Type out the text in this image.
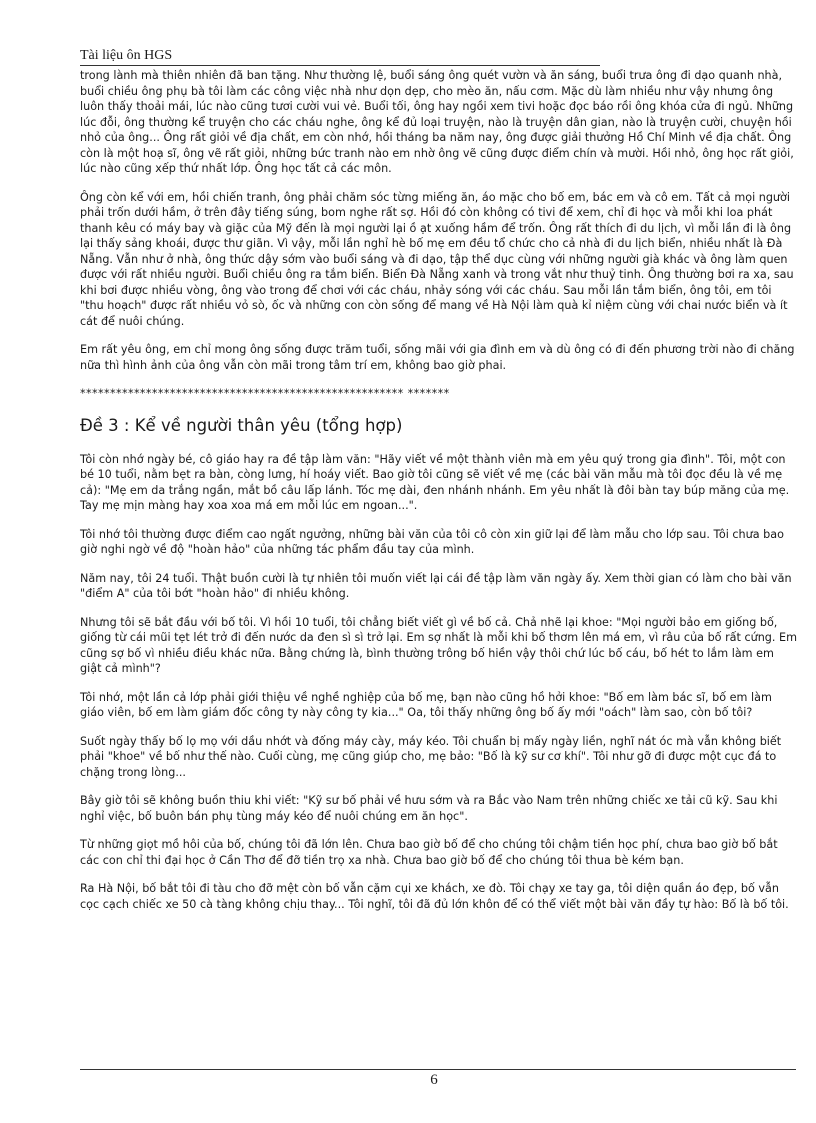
Tài liệu ôn HGS

trong lành mà thiên nhiên đã ban tặng. Như thường lệ, buổi sáng ông quét vườn và ăn sáng, buổi trưa ông đi dạo quanh nhà, buổi chiều ông phụ bà tôi làm các công việc nhà như dọn dẹp, cho mèo ăn, nấu cơm. Mặc dù làm nhiều như vậy nhưng ông luôn thấy thoải mái, lúc nào cũng tươi cười vui vẻ. Buổi tối, ông hay ngồi xem tivi hoặc đọc báo rồi ông khóa cửa đi ngủ. Những lúc đỗi, ông thường kể truyện cho các cháu nghe, ông kể đủ loại truyện, nào là truyện dân gian, nào là truyện cười, chuyện hồi nhỏ của ông... Ông rất giỏi về địa chất, em còn nhớ, hồi tháng ba năm nay, ông được giải thưởng Hồ Chí Minh về địa chất. Ông còn là một hoạ sĩ, ông vẽ rất giỏi, những bức tranh nào em nhờ ông vẽ cũng được điểm chín và mười. Hồi nhỏ, ông học rất giỏi, lúc nào cũng xếp thứ nhất lớp. Ông học tất cả các môn.

Ông còn kể với em, hồi chiến tranh, ông phải chăm sóc từng miếng ăn, áo mặc cho bố em, bác em và cô em. Tất cả mọi người phải trốn dưới hầm, ở trên đây tiếng súng, bom nghe rất sợ. Hồi đó còn không có tivi để xem, chỉ đi học và mỗi khi loa phát thanh kêu có máy bay và giặc của Mỹ đến là mọi người lại ồ ạt xuống hầm để trốn. Ông rất thích đi du lịch, vì mỗi lần đi là ông lại thấy sảng khoái, được thư giãn. Vì vậy, mỗi lần nghỉ hè bố mẹ em đều tổ chức cho cả nhà đi du lịch biển, nhiều nhất là Đà Nẵng. Vẫn như ở nhà, ông thức dậy sớm vào buổi sáng và đi dạo, tập thể dục cùng với những người già khác và ông làm quen được với rất nhiều người. Buổi chiều ông ra tắm biển. Biển Đà Nẵng xanh và trong vắt như thuỷ tinh. Ông thường bơi ra xa, sau khi bơi được nhiều vòng, ông vào trong để chơi với các cháu, nhảy sóng với các cháu. Sau mỗi lần tắm biển, ông tôi, em tôi "thu hoạch" được rất nhiều vỏ sò, ốc và những con còn sống để mang về Hà Nội làm quà kỉ niệm cùng với chai nước biển và ít cát để nuôi chúng.

Em rất yêu ông, em chỉ mong ông sống được trăm tuổi, sống mãi với gia đình em và dù ông có đi đến phương trời nào đi chăng nữa thì hình ảnh của ông vẫn còn mãi trong tâm trí em, không bao giờ phai.

****************************************************** *******

Đề 3 : Kể về người thân yêu (tổng hợp)

Tôi còn nhớ ngày bé, cô giáo hay ra đề tập làm văn: "Hãy viết về một thành viên mà em yêu quý trong gia đình". Tôi, một con bé 10 tuổi, nằm bẹt ra bàn, còng lưng, hí hoáy viết. Bao giờ tôi cũng sẽ viết về mẹ (các bài văn mẫu mà tôi đọc đều là về mẹ cả): "Mẹ em da trắng ngần, mắt bồ câu lấp lánh. Tóc mẹ dài, đen nhánh nhánh. Em yêu nhất là đôi bàn tay búp măng của mẹ. Tay mẹ mịn màng hay xoa xoa má em mỗi lúc em ngoan...".

Tôi nhớ tôi thường được điểm cao ngất ngưởng, những bài văn của tôi cô còn xin giữ lại để làm mẫu cho lớp sau. Tôi chưa bao giờ nghi ngờ về độ "hoàn hảo" của những tác phẩm đầu tay của mình.

Năm nay, tôi 24 tuổi. Thật buồn cười là tự nhiên tôi muốn viết lại cái đề tập làm văn ngày ấy. Xem thời gian có làm cho bài văn "điểm A" của tôi bớt "hoàn hảo" đi nhiều không.

Nhưng tôi sẽ bắt đầu với bố tôi. Vì hồi 10 tuổi, tôi chẳng biết viết gì về bố cả. Chả nhẽ lại khoe: "Mọi người bảo em giống bố, giống từ cái mũi tẹt lét trở đi đến nước da đen sì sì trở lại. Em sợ nhất là mỗi khi bố thơm lên má em, vì râu của bố rất cứng. Em cũng sợ bố vì nhiều điều khác nữa. Bằng chứng là, bình thường trông bố hiền vậy thôi chứ lúc bố cáu, bố hét to lắm làm em giật cả mình"?

Tôi nhớ, một lần cả lớp phải giới thiệu về nghề nghiệp của bố mẹ, bạn nào cũng hồ hởi khoe: "Bố em làm bác sĩ, bố em làm giáo viên, bố em làm giám đốc công ty này công ty kia..." Oa, tôi thấy những ông bố ấy mới "oách" làm sao, còn bố tôi?

Suốt ngày thấy bố lọ mọ với dầu nhớt và đống máy cày, máy kéo. Tôi chuẩn bị mấy ngày liền, nghĩ nát óc mà vẫn không biết phải "khoe" về bố như thế nào. Cuối cùng, mẹ cũng giúp cho, mẹ bảo: "Bố là kỹ sư cơ khí". Tôi như gỡ đi được một cục đá to chặng trong lòng...

Bây giờ tôi sẽ không buồn thiu khi viết: "Kỹ sư bố phải về hưu sớm và ra Bắc vào Nam trên những chiếc xe tải cũ kỹ. Sau khi nghỉ việc, bố buôn bán phụ tùng máy kéo để nuôi chúng em ăn học".

Từ những giọt mồ hôi của bố, chúng tôi đã lớn lên. Chưa bao giờ bố để cho chúng tôi chậm tiền học phí, chưa bao giờ bố bắt các con chỉ thi đại học ở Cần Thơ để đỡ tiền trọ xa nhà. Chưa bao giờ bố để cho chúng tôi thua bè kém bạn.

Ra Hà Nội, bố bắt tôi đi tàu cho đỡ mệt còn bố vẫn cặm cụi xe khách, xe đò. Tôi chạy xe tay ga, tôi diện quần áo đẹp, bố vẫn cọc cạch chiếc xe 50 cà tàng không chịu thay... Tôi nghĩ, tôi đã đủ lớn khôn để có thể viết một bài văn đầy tự hào: Bố là bố tôi.

6
